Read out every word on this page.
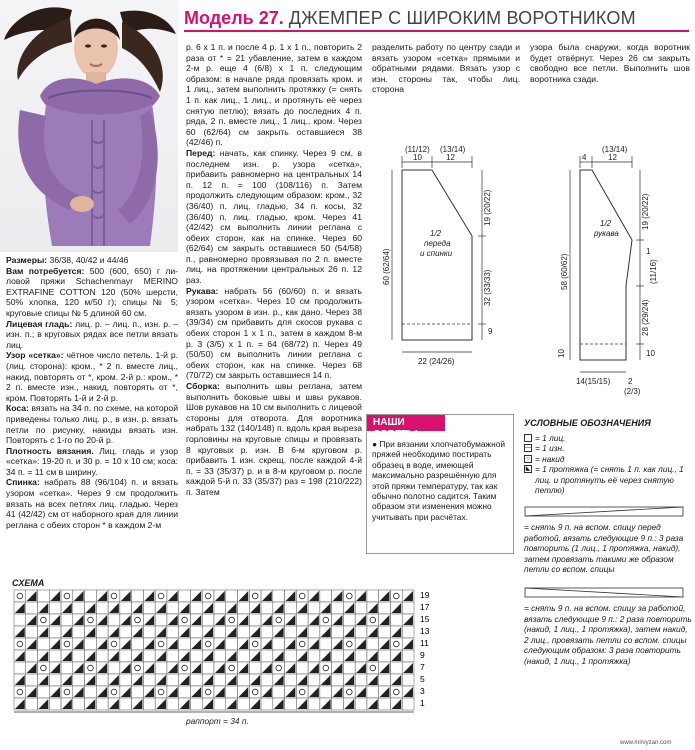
Модель 27. ДЖЕМПЕР С ШИРОКИМ ВОРОТНИКОМ

Размеры: 36/38, 40/42 и 44/46

Вам потребуется: 500 (600, 650) г ли-ловой пряжи Schachenmayr MERINO EXTRAFINE COTTON 120 (50% шерсти, 50% хлопка, 120 м/50 г); спицы № 5; круговые спицы № 5 длиной 60 см.

Лицевая гладь: лиц. р. – лиц. п., изн. р. – изн. п.; в круговых рядах все петли вязать лиц.

Узор «сетка»: чётное число петель. 1-й р. (лиц. сторона): кром., * 2 п. вместе лиц., накид, повторять от *, кром. 2-й р.: кром., * 2 п. вместе изн., накид, повторять от *, кром. Повторять 1-й и 2-й р.

Коса: вязать на 34 п. по схеме, на которой приведены только лиц. р., в изн. р. вязать петли по рисунку, накиды вязать изн. Повторять с 1-го по 20-й р.

Плотность вязания. Лиц. гладь и узор «сетка»: 19-20 п. и 30 р. = 10 х 10 см; коса: 34 п. = 11 см в ширину.

Спинка: набрать 88 (96/104) п. и вязать узором «сетка». Через 9 см продолжить вязать на всех петлях лиц. гладью. Через 41 (42/42) см от наборного края для линии реглана с обеих сторон * в каждом 2-м

р. 6 х 1 п. и после 4 р. 1 х 1 п., повторить 2 раза от * = 21 убавление, затем в каждом 2-м р. еще 4 (6/8) х 1 п. следующим образом: в начале ряда провязать кром. и 1 лиц., затем выполнить протяжку (= снять 1 п. как лиц., 1 лиц., и протянуть её через снятую петлю); вязать до последних 4 п. ряда, 2 п. вместе лиц., 1 лиц., кром. Через 60 (62/64) см закрыть оставшиеся 38 (42/46) п.

Перед: начать, как спинку. Через 9 см, в последнем изн. р. узора «сетка», прибавить равномерно на центральных 14 п. 12 п. = 100 (108/116) п. Затем продолжить следующим образом: кром., 32 (36/40) п. лиц. гладью, 34 п. косы, 32 (36/40) п. лиц. гладью, кром. Через 41 (42/42) см выполнить линии реглана с обеих сторон, как на спинке. Через 60 (62/64) см закрыть оставшиеся 50 (54/58) п., равномерно провязывая по 2 п. вместе лиц. на протяжении центральных 26 п. 12 раз.

Рукава: набрать 56 (60/60) п. и вязать узором «сетка». Через 10 см продолжить вязать узором в изн. р., как дано. Через 38 (39/34) см прибавить для скосов рукава с обеих сторон 1 х 1 п., затем в каждом 8-м р. 3 (3/5) х 1 п. = 64 (68/72) п. Через 49 (50/50) см выполнить линии реглана с обеих сторон, как на спинке. Через 68 (70/72) см закрыть оставшиеся 14 п.

Сборка: выполнить швы реглана, затем выполнить боковые швы и швы рукавов. Шов рукавов на 10 см выполнить с лицевой стороны для отворота. Для воротника набрать 132 (140/148) п. вдоль края выреза горловины на круговые спицы и провязать 8 круговых р. изн. В 6-м круговом р. прибавить 1 изн. скрещ. после каждой 4-й п. = 33 (35/37) р. и в 8-м круговом р. после каждой 5-й п. 33 (35/37) раз = 198 (210/222) п. Затем

разделить работу по центру сзади и вязать узором «сетка» прямыми и обратными рядами. Вязать узор с изн. стороны так, чтобы лиц. сторона

узора была снаружи, когда воротник будет отвёрнут. Через 26 см закрыть свободно все петли. Выполнить шов воротника сзади.

(11/12)
10
(13/14)
12
60 (62/64)
19 (20/22)
32 (33/33)
9
1/2
переда
и спинки
22 (24/26)
4
(13/14)
12
58 (60/62)
10
19 (20/22)
1
(11/16)
28 (29/24)
10
1/2
рукава
14(15/15) 2
(2/3)
НАШИ СОВЕТЫ
● При вязании хлопчатобумажной пряжей необходимо постирать образец в воде, имеющей максимально разрешённую для этой пряжи температуру, так как обычно полотно садится. Таким образом эти изменения можно учитывать при расчётах.
УСЛОВНЫЕ ОБОЗНАЧЕНИЯ
= 1 лиц.
— = 1 изн.
○ = накид
◣ = 1 протяжка (= снять 1 п. как лиц., 1 лиц. и протянуть её через снятую петлю)
= снять 9 п. на вспом. спицу перед работой, вязать следующие 9 п.: 3 раза повторить (1 лиц., 1 протяжка, накид), затем провязать такими же образом петли со вспом. спицы
= снять 9 п. на вспом. спицу за работой, вязать следующие 9 п.: 2 раза повторить (накид, 1 лиц., 1 протяжка), затем накид, 2 лиц., провязать петли со вспом. спицы следующим образом: 3 раза повторить (накид, 1 лиц., 1 протяжка)
СХЕМА
19
17
15
13
11
9
7
5
3
1
раппорт = 34 п.
www.mirvyzan.com
